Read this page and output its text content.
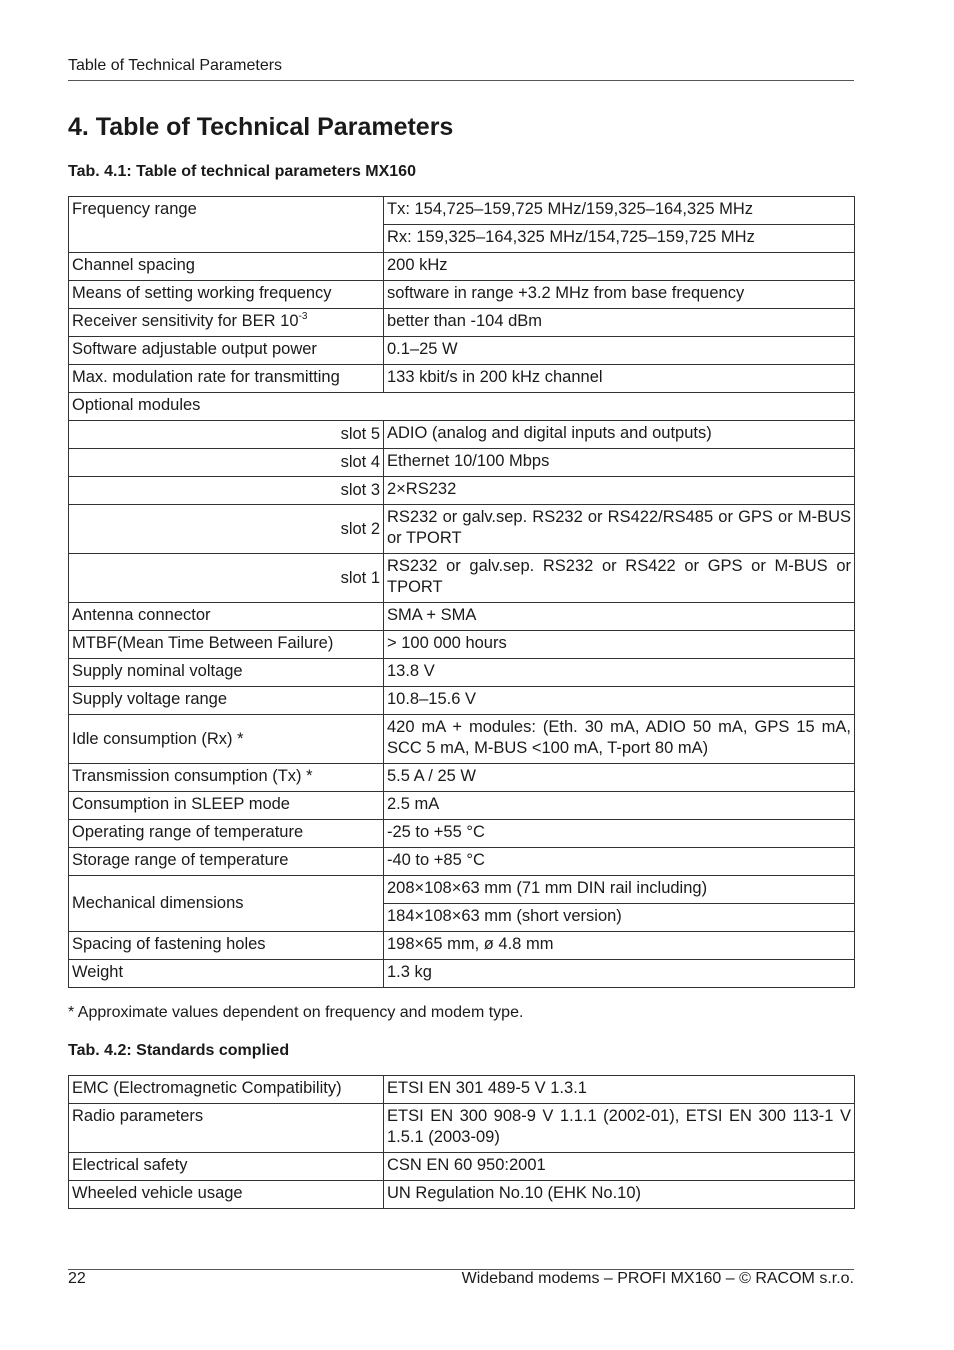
Table of Technical Parameters
4. Table of Technical Parameters
Tab. 4.1: Table of technical parameters MX160
Frequency range	Tx: 154,725–159,725 MHz/159,325–164,325 MHz
	Rx: 159,325–164,325 MHz/154,725–159,725 MHz
Channel spacing	200 kHz
Means of setting working frequency	software in range +3.2 MHz from base frequency
Receiver sensitivity for BER $10^{-3}$	better than -104 dBm
Software adjustable output power	0.1–25 W
Max. modulation rate for transmitting	133 kbit/s in 200 kHz channel
Optional modules	
slot 5	ADIO (analog and digital inputs and outputs)
slot 4	Ethernet 10/100 Mbps
slot 3	2×RS232
slot 2	RS232 or galv.sep. RS232 or RS422/RS485 or GPS or M-BUS or TPORT
slot 1	RS232 or galv.sep. RS232 or RS422 or GPS or M-BUS or TPORT
Antenna connector	SMA + SMA
MTBF(Mean Time Between Failure)	> 100 000 hours
Supply nominal voltage	13.8 V
Supply voltage range	10.8–15.6 V
Idle consumption (Rx) *	420 mA + modules: (Eth. 30 mA, ADIO 50 mA, GPS 15 mA, SCC 5 mA, M-BUS <100 mA, T-port 80 mA)
Transmission consumption (Tx) *	5.5 A / 25 W
Consumption in SLEEP mode	2.5 mA
Operating range of temperature	-25 to +55 °C
Storage range of temperature	-40 to +85 °C
Mechanical dimensions	208×108×63 mm (71 mm DIN rail including)
	184×108×63 mm (short version)
Spacing of fastening holes	198×65 mm, ø 4.8 mm
Weight	1.3 kg
* Approximate values dependent on frequency and modem type.
Tab. 4.2: Standards complied
EMC (Electromagnetic Compatibility)	ETSI EN 301 489-5 V 1.3.1
Radio parameters	ETSI EN 300 908-9 V 1.1.1 (2002-01), ETSI EN 300 113-1 V 1.5.1 (2003-09)
Electrical safety	CSN EN 60 950:2001
Wheeled vehicle usage	UN Regulation No.10 (EHK No.10)
22	Wideband modems – PROFI MX160 – © RACOM s.r.o.
